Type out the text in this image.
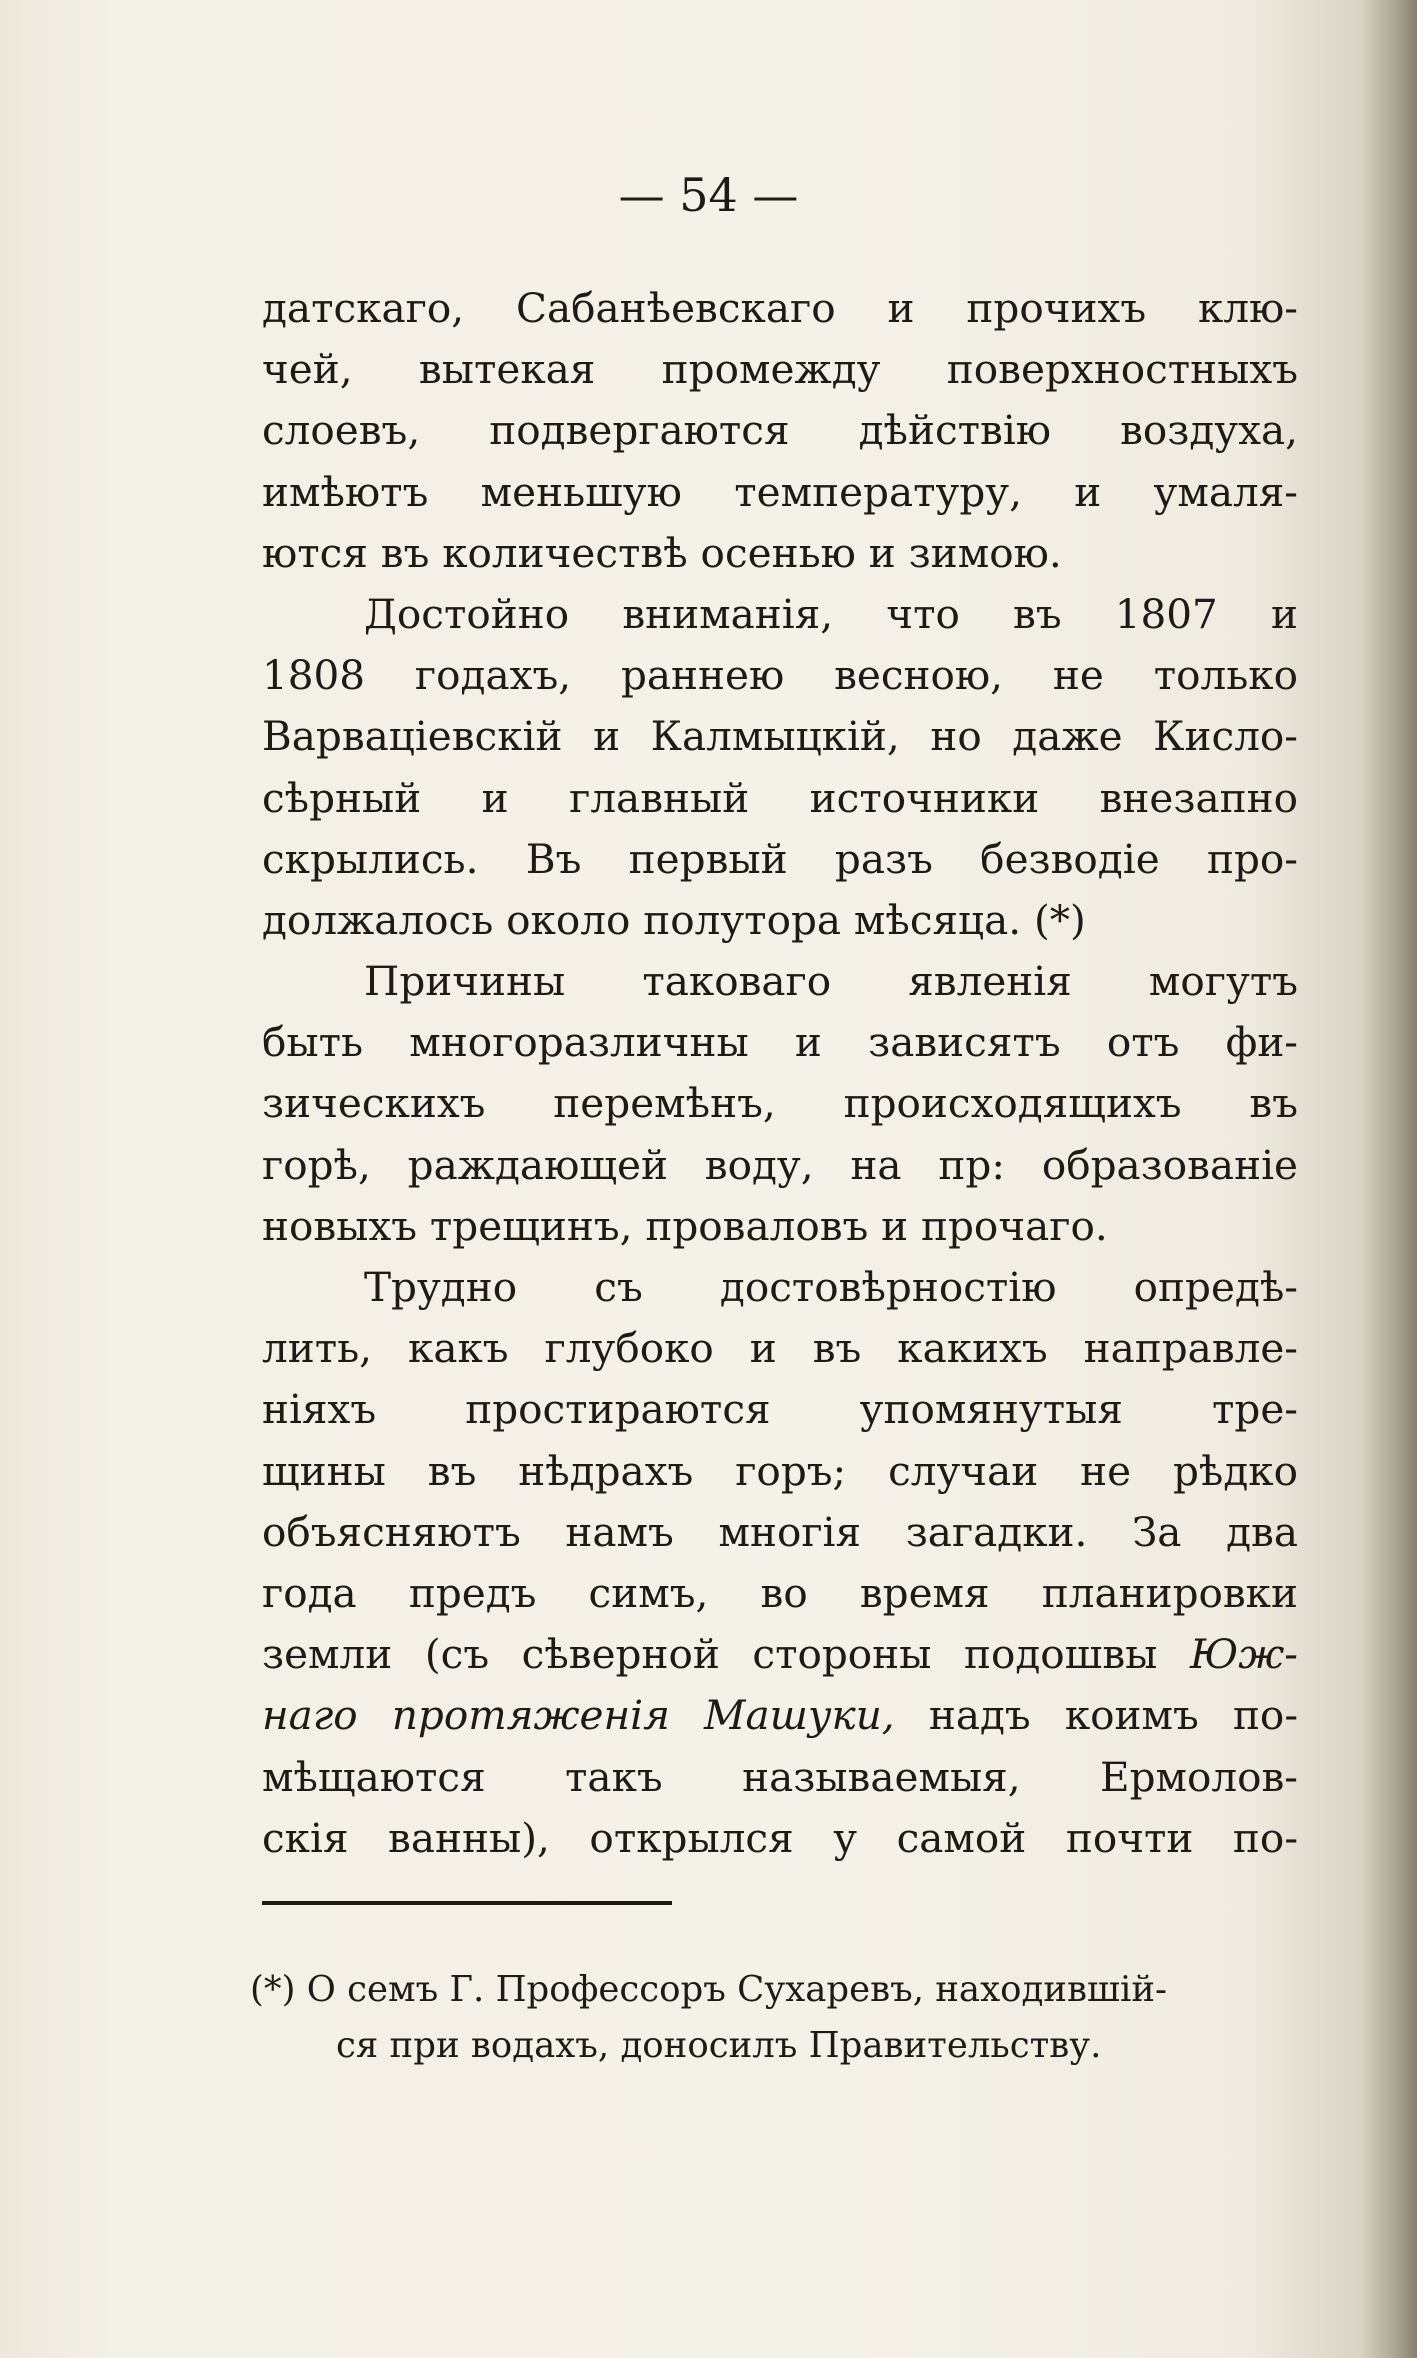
— 54 —
датскаго, Сабанѣевскаго и прочихъ клю-
чей, вытекая промежду поверхностныхъ
слоевъ, подвергаются дѣйствію воздуха,
имѣютъ меньшую температуру, и умаля-
ются въ количествѣ осенью и зимою.
Достойно вниманія, что въ 1807 и
1808 годахъ, раннею весною, не только
Варваціевскій и Калмыцкій, но даже Кисло-
сѣрный и главный источники внезапно
скрылись. Въ первый разъ безводіе про-
должалось около полутора мѣсяца. (*)
Причины таковаго явленія могутъ
быть многоразличны и зависятъ отъ фи-
зическихъ перемѣнъ, происходящихъ въ
горѣ, раждающей воду, на пр: образованіе
новыхъ трещинъ, проваловъ и прочаго.
Трудно съ достовѣрностію опредѣ-
лить, какъ глубоко и въ какихъ направле-
ніяхъ простираются упомянутыя тре-
щины въ нѣдрахъ горъ; случаи не рѣдко
объясняютъ намъ многія загадки. За два
года предъ симъ, во время планировки
земли (съ сѣверной стороны подошвы Юж-
наго протяженія Машуки, надъ коимъ по-
мѣщаются такъ называемыя, Ермолов-
скія ванны), открылся у самой почти по-
(*) О семъ Г. Профессоръ Сухаревъ, находившій-
ся при водахъ, доносилъ Правительству.
